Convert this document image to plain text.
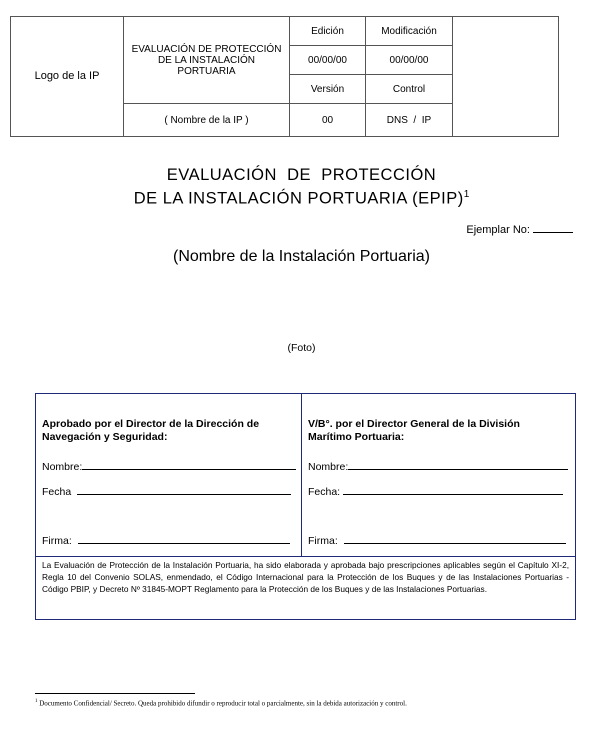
Logo de la IP	EVALUACIÓN DE PROTECCIÓN DE LA INSTALACIÓN PORTUARIA	Edición	Modificación	
		00/00/00	00/00/00	
		Versión	Control	
	( Nombre de la IP )	00	DNS  /  IP	
EVALUACIÓN  DE  PROTECCIÓN
DE LA INSTALACIÓN PORTUARIA (EPIP)$^1$
Ejemplar No:
(Nombre de la Instalación Portuaria)
(Foto)
Aprobado por el Director de la Dirección de Navegación y Seguridad:
Nombre:
Fecha
Firma:
V/B°. por el Director General de la División Marítimo Portuaria:
Nombre:
Fecha:
Firma:
La Evaluación de Protección de la Instalación Portuaria, ha sido elaborada y aprobada bajo prescripciones aplicables según el Capítulo XI-2, Regla 10 del Convenio SOLAS, enmendado, el Código Internacional para la Protección de los Buques y de las Instalaciones Portuarias - Código PBIP, y Decreto Nº 31845-MOPT Reglamento para la Protección de los Buques y de las Instalaciones Portuarias.
$^1$ Documento Confidencial/ Secreto. Queda prohibido difundir o reproducir total o parcialmente, sin la debida autorización y control.
